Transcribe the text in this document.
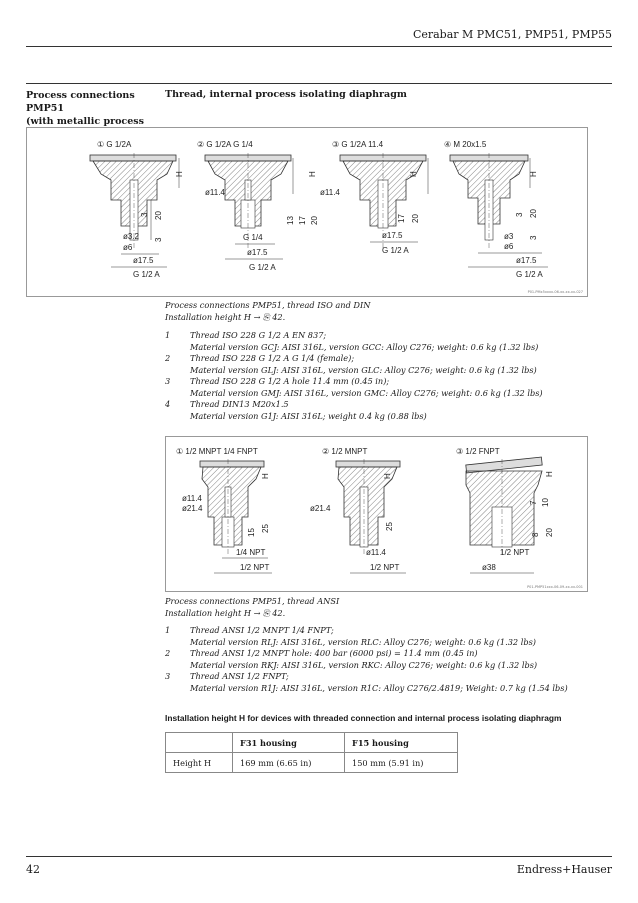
Cerabar M PMC51, PMP51, PMP55
Process connections PMP51
(with metallic process
Thread, internal process isolating diaphragm
① G 1/2A
H
3 20
3
ø3.2
ø6
ø17.5
G 1/2 A
② G 1/2A G 1/4
ø11.4
H
13 17 20
G 1/4
ø17.5
G 1/2 A
③ G 1/2A 11.4
ø11.4
H
17 20
ø17.5
G 1/2 A
④ M 20x1.5
H
3 20
3
ø3
ø6
ø17.5
G 1/2 A
P01-PMx5xxxx-06-xx-xx-xx-027
Process connections PMP51, thread ISO and DIN
Installation height H → ⎘ 42.
1 Thread ISO 228 G 1/2 A EN 837;
Material version GCJ: AISI 316L, version GCC: Alloy C276; weight: 0.6 kg (1.32 lbs)
2 Thread ISO 228 G 1/2 A G 1/4 (female);
Material version GLJ: AISI 316L, version GLC: Alloy C276; weight: 0.6 kg (1.32 lbs)
3 Thread ISO 228 G 1/2 A hole 11.4 mm (0.45 in);
Material version GMJ: AISI 316L, version GMC: Alloy C276; weight: 0.6 kg (1.32 lbs)
4 Thread DIN13 M20x1.5
Material version G1J: AISI 316L; weight 0.4 kg (0.88 lbs)
① 1/2 MNPT 1/4 FNPT
H
ø11.4
ø21.4
15 25
1/4 NPT
1/2 NPT
② 1/2 MNPT
H
ø21.4
25
ø11.4
1/2 NPT
③ 1/2 FNPT
H
7 10
8 20
1/2 NPT
ø38
P01-PMP51xxx-06-09-xx-xx-001
Process connections PMP51, thread ANSI
Installation height H → ⎘ 42.
1 Thread ANSI 1/2 MNPT 1/4 FNPT;
Material version RLJ: AISI 316L, version RLC: Alloy C276; weight: 0.6 kg (1.32 lbs)
2 Thread ANSI 1/2 MNPT hole: 400 bar (6000 psi) = 11.4 mm (0.45 in)
Material version RKJ: AISI 316L, version RKC: Alloy C276; weight: 0.6 kg (1.32 lbs)
3 Thread ANSI 1/2 FNPT;
Material version R1J: AISI 316L, version R1C: Alloy C276/2.4819; Weight: 0.7 kg (1.54 lbs)
Installation height H for devices with threaded connection and internal process isolating diaphragm
	F31 housing	F15 housing
Height H	169 mm (6.65 in)	150 mm (5.91 in)
42	Endress+Hauser
